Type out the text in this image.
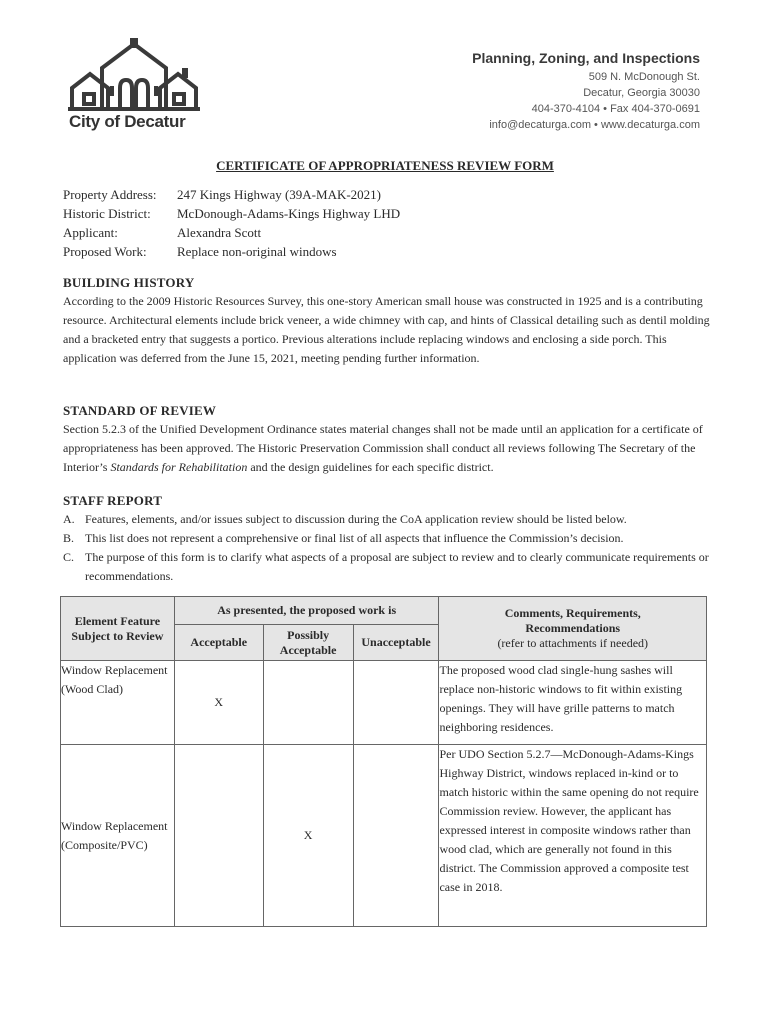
City of Decatur
Planning, Zoning, and Inspections
509 N. McDonough St.
Decatur, Georgia 30030
404-370-4104 • Fax 404-370-0691
info@decaturga.com • www.decaturga.com
CERTIFICATE OF APPROPRIATENESS REVIEW FORM
Property Address:	247 Kings Highway (39A-MAK-2021)
Historic District:	McDonough-Adams-Kings Highway LHD
Applicant:	Alexandra Scott
Proposed Work:	Replace non-original windows
BUILDING HISTORY

According to the 2009 Historic Resources Survey, this one-story American small house was constructed in 1925 and is a contributing resource. Architectural elements include brick veneer, a wide chimney with cap, and hints of Classical detailing such as dentil molding and a bracketed entry that suggests a portico. Previous alterations include replacing windows and enclosing a side porch. This application was deferred from the June 15, 2021, meeting pending further information.

STANDARD OF REVIEW

Section 5.2.3 of the Unified Development Ordinance states material changes shall not be made until an application for a certificate of appropriateness has been approved. The Historic Preservation Commission shall conduct all reviews following The Secretary of the Interior’s Standards for Rehabilitation and the design guidelines for each specific district.

STAFF REPORT
A. Features, elements, and/or issues subject to discussion during the CoA application review should be listed below.
B. This list does not represent a comprehensive or final list of all aspects that influence the Commission’s decision.
C. The purpose of this form is to clarify what aspects of a proposal are subject to review and to clearly communicate requirements or recommendations.
Element Feature Subject to Review	As presented, the proposed work is			Comments, Requirements, Recommendations
(refer to attachments if needed)

	Acceptable	Possibly Acceptable	Unacceptable	
Window Replacement (Wood Clad)	X			The proposed wood clad single-hung sashes will replace non-historic windows to fit within existing openings. They will have grille patterns to match neighboring residences.
Window Replacement (Composite/PVC)		X		Per UDO Section 5.2.7—McDonough-Adams-Kings Highway District, windows replaced in-kind or to match historic within the same opening do not require Commission review. However, the applicant has expressed interest in composite windows rather than wood clad, which are generally not found in this district. The Commission approved a composite test case in 2018.
